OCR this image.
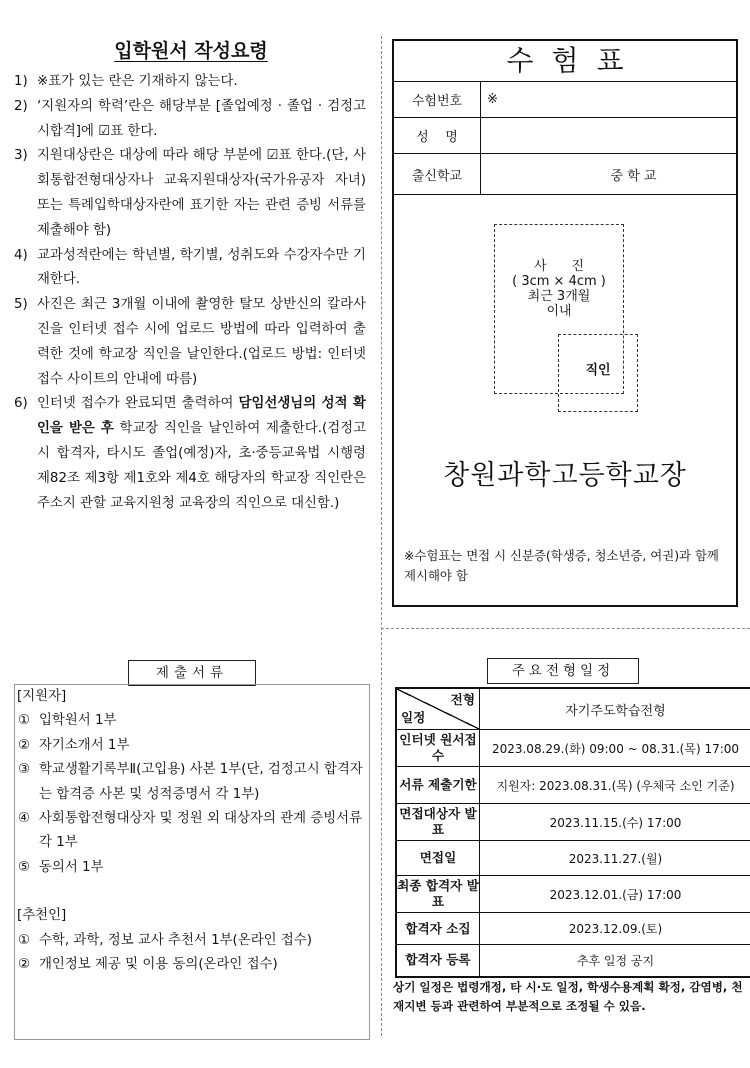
입학원서 작성요령
1) ※표가 있는 란은 기재하지 않는다.
2) ‘지원자의 학력’란은 해당부분 [졸업예정 · 졸업 · 검정고시합격]에 ☑표 한다.
3) 지원대상란은 대상에 따라 해당 부분에 ☑표 한다.(단, 사회통합전형대상자나 교육지원대상자(국가유공자 자녀) 또는 특례입학대상자란에 표기한 자는 관련 증빙 서류를 제출해야 함)
4) 교과성적란에는 학년별, 학기별, 성취도와 수강자수만 기재한다.
5) 사진은 최근 3개월 이내에 촬영한 탈모 상반신의 칼라사진을 인터넷 접수 시에 업로드 방법에 따라 입력하여 출력한 것에 학교장 직인을 날인한다.(업로드 방법: 인터넷접수 사이트의 안내에 따름)
6) 인터넷 접수가 완료되면 출력하여 담임선생님의 성적 확인을 받은 후 학교장 직인을 날인하여 제출한다.(검정고시 합격자, 타시도 졸업(예정)자, 초·중등교육법 시행령 제82조 제3항 제1호와 제4호 해당자의 학교장 직인란은 주소지 관할 교육지원청 교육장의 직인으로 대신함.)
수험표
수험번호	※
성    명	
출신학교	중 학 교
사      진
( 3cm × 4cm )
최근 3개월
이내
직인
창원과학고등학교장
※수험표는 면접 시 신분증(학생증, 청소년증, 여권)과 함께 제시해야 함
제출서류
[지원자]
① 입학원서 1부
② 자기소개서 1부
③ 학교생활기록부Ⅱ(고입용) 사본 1부(단, 검정고시 합격자는 합격증 사본 및 성적증명서 각 1부)
④ 사회통합전형대상자 및 정원 외 대상자의 관계 증빙서류 각 1부
⑤ 동의서 1부
[추천인]
① 수학, 과학, 정보 교사 추천서 1부(온라인 접수)
② 개인정보 제공 및 이용 동의(온라인 접수)
주요전형일정
전형
일정	자기주도학습전형
인터넷 원서접수	2023.08.29.(화) 09:00 ~ 08.31.(목) 17:00
서류 제출기한	지원자: 2023.08.31.(목) (우체국 소인 기준)
면접대상자 발표	2023.11.15.(수) 17:00
면접일	2023.11.27.(월)
최종 합격자 발표	2023.12.01.(금) 17:00
합격자 소집	2023.12.09.(토)
합격자 등록	추후 일정 공지
상기 일정은 법령개정, 타 시·도 일정, 학생수용계획 확정, 감염병, 천재지변 등과 관련하여 부분적으로 조정될 수 있음.
